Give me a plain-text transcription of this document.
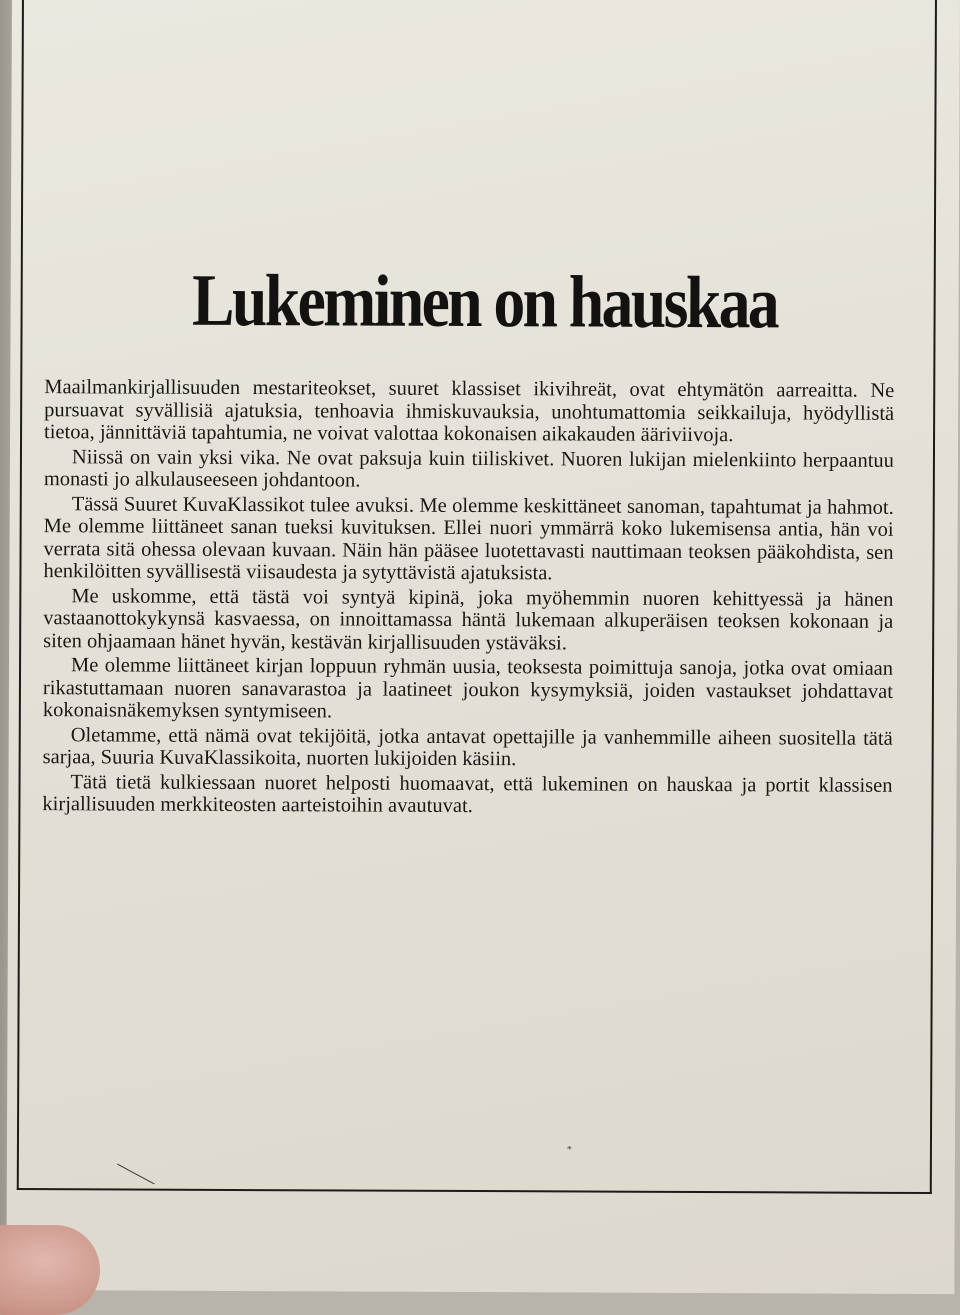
Lukeminen on hauskaa

Maailmankirjallisuuden mestariteokset, suuret klassiset ikivihreät, ovat ehtymätön aarreaitta. Ne pursuavat syvällisiä ajatuksia, tenhoavia ihmiskuvauksia, unohtumattomia seikkailuja, hyödyllistä tietoa, jännittäviä tapahtumia, ne voivat valottaa kokonaisen aikakauden ääriviivoja.

Niissä on vain yksi vika. Ne ovat paksuja kuin tiiliskivet. Nuoren lukijan mielenkiinto herpaantuu monasti jo alkulauseeseen johdantoon.

Tässä Suuret KuvaKlassikot tulee avuksi. Me olemme keskittäneet sanoman, tapahtumat ja hahmot. Me olemme liittäneet sanan tueksi kuvituksen. Ellei nuori ymmärrä koko lukemisensa antia, hän voi verrata sitä ohessa olevaan kuvaan. Näin hän pääsee luotettavasti nauttimaan teoksen pääkohdista, sen henkilöitten syvällisestä viisaudesta ja sytyttävistä ajatuksista.

Me uskomme, että tästä voi syntyä kipinä, joka myöhemmin nuoren kehittyessä ja hänen vastaanottokykynsä kasvaessa, on innoittamassa häntä lukemaan alkuperäisen teoksen kokonaan ja siten ohjaamaan hänet hyvän, kestävän kirjallisuuden ystäväksi.

Me olemme liittäneet kirjan loppuun ryhmän uusia, teoksesta poimittuja sanoja, jotka ovat omiaan rikastuttamaan nuoren sanavarastoa ja laatineet joukon kysymyksiä, joiden vastaukset johdattavat kokonaisnäkemyksen syntymiseen.

Oletamme, että nämä ovat tekijöitä, jotka antavat opettajille ja vanhemmille aiheen suositella tätä sarjaa, Suuria KuvaKlassikoita, nuorten lukijoiden käsiin.

Tätä tietä kulkiessaan nuoret helposti huomaavat, että lukeminen on hauskaa ja portit klassisen kirjallisuuden merkkiteosten aarteistoihin avautuvat.

*
